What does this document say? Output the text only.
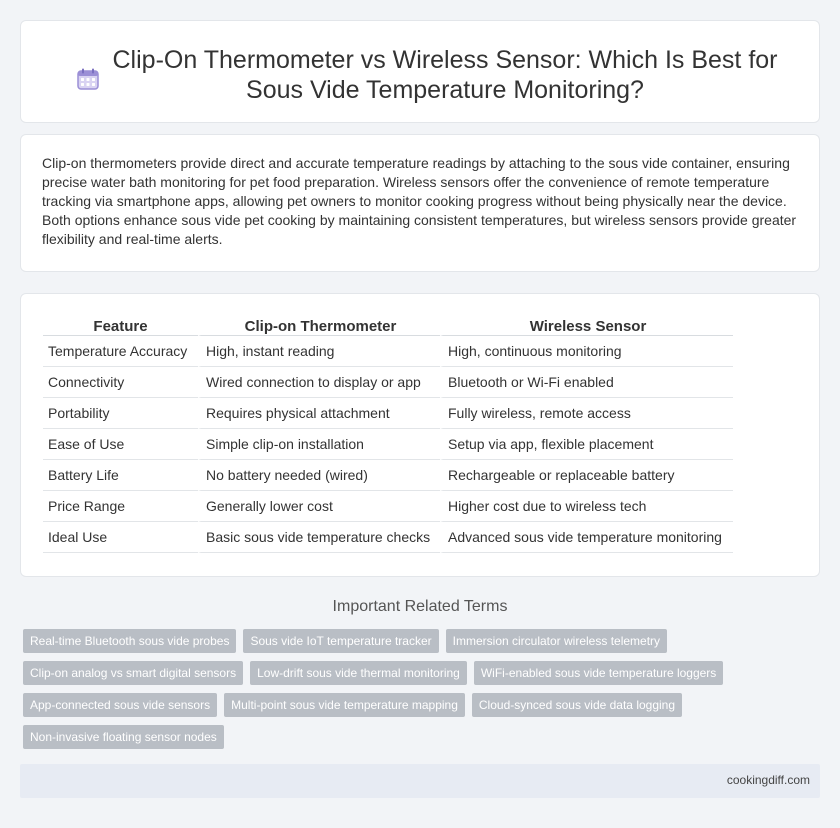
Clip-On Thermometer vs Wireless Sensor: Which Is Best for Sous Vide Temperature Monitoring?

Clip-on thermometers provide direct and accurate temperature readings by attaching to the sous vide container, ensuring precise water bath monitoring for pet food preparation. Wireless sensors offer the convenience of remote temperature tracking via smartphone apps, allowing pet owners to monitor cooking progress without being physically near the device. Both options enhance sous vide pet cooking by maintaining consistent temperatures, but wireless sensors provide greater flexibility and real-time alerts.

Feature	Clip-on Thermometer	Wireless Sensor
Temperature Accuracy	High, instant reading	High, continuous monitoring
Connectivity	Wired connection to display or app	Bluetooth or Wi-Fi enabled
Portability	Requires physical attachment	Fully wireless, remote access
Ease of Use	Simple clip-on installation	Setup via app, flexible placement
Battery Life	No battery needed (wired)	Rechargeable or replaceable battery
Price Range	Generally lower cost	Higher cost due to wireless tech
Ideal Use	Basic sous vide temperature checks	Advanced sous vide temperature monitoring
Important Related Terms
Real-time Bluetooth sous vide probes	Sous vide IoT temperature tracker	Immersion circulator wireless telemetry
Clip-on analog vs smart digital sensors	Low-drift sous vide thermal monitoring	WiFi-enabled sous vide temperature loggers
App-connected sous vide sensors	Multi-point sous vide temperature mapping	Cloud-synced sous vide data logging
Non-invasive floating sensor nodes
cookingdiff.com
